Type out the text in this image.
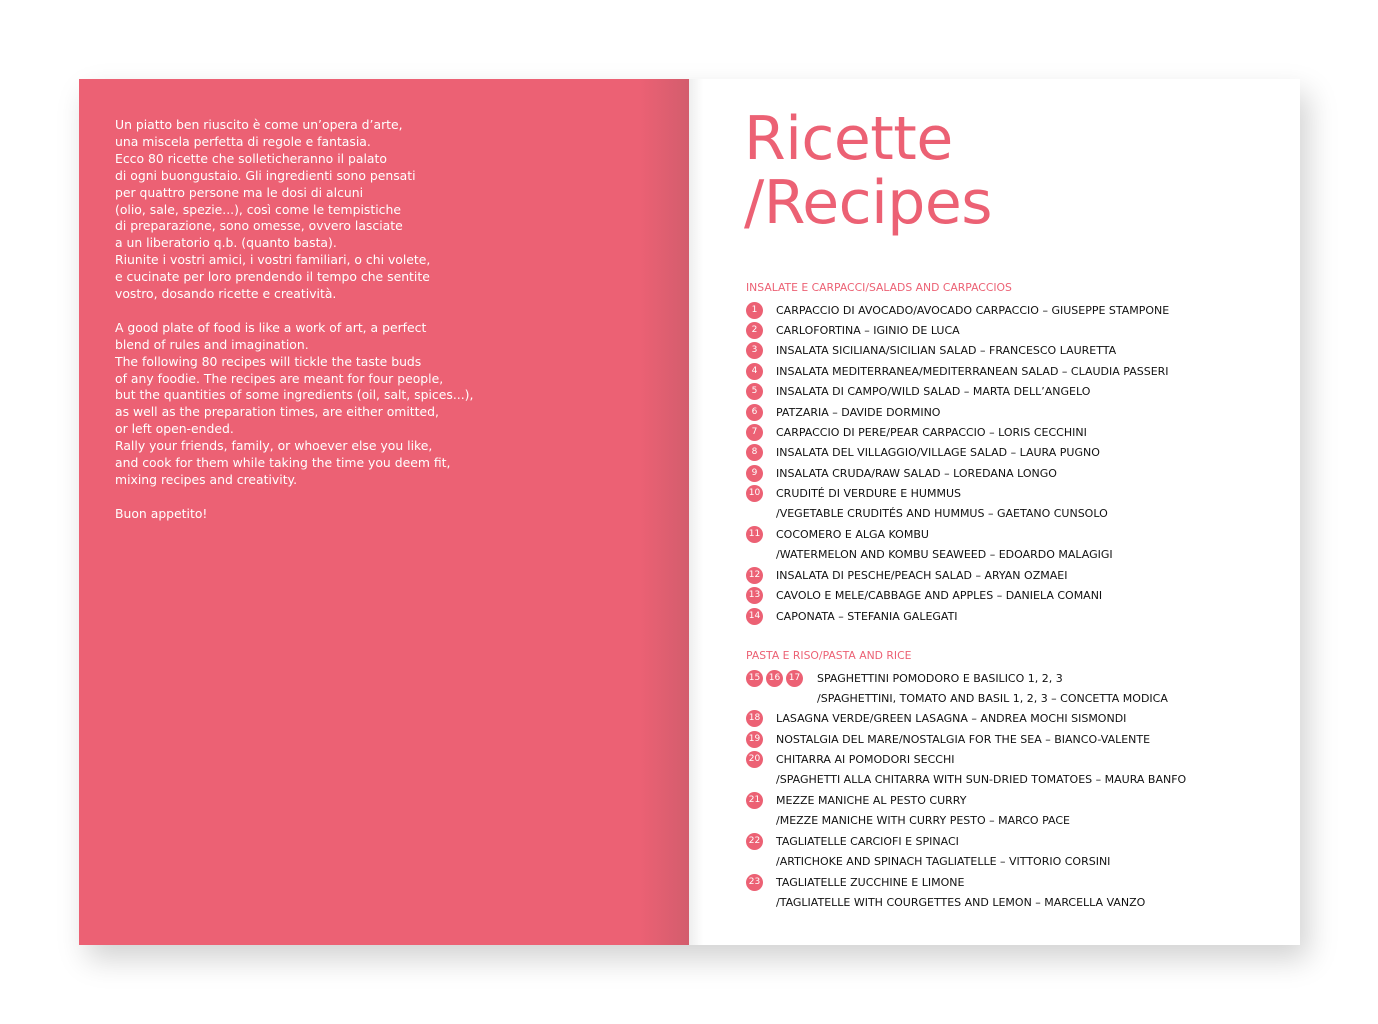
Un piatto ben riuscito è come un’opera d’arte,
una miscela perfetta di regole e fantasia.
Ecco 80 ricette che solleticheranno il palato
di ogni buongustaio. Gli ingredienti sono pensati
per quattro persone ma le dosi di alcuni
(olio, sale, spezie...), così come le tempistiche
di preparazione, sono omesse, ovvero lasciate
a un liberatorio q.b. (quanto basta).
Riunite i vostri amici, i vostri familiari, o chi volete,
e cucinate per loro prendendo il tempo che sentite
vostro, dosando ricette e creatività.

A good plate of food is like a work of art, a perfect
blend of rules and imagination.
The following 80 recipes will tickle the taste buds
of any foodie. The recipes are meant for four people,
but the quantities of some ingredients (oil, salt, spices...),
as well as the preparation times, are either omitted,
or left open-ended.
Rally your friends, family, or whoever else you like,
and cook for them while taking the time you deem fit,
mixing recipes and creativity.

Buon appetito!

Ricette
/Recipes
INSALATE E CARPACCI/SALADS AND CARPACCIOS
1	CARPACCIO DI AVOCADO/AVOCADO CARPACCIO – GIUSEPPE STAMPONE
2	CARLOFORTINA – IGINIO DE LUCA
3	INSALATA SICILIANA/SICILIAN SALAD – FRANCESCO LAURETTA
4	INSALATA MEDITERRANEA/MEDITERRANEAN SALAD – CLAUDIA PASSERI
5	INSALATA DI CAMPO/WILD SALAD – MARTA DELL’ANGELO
6	PATZARIA – DAVIDE DORMINO
7	CARPACCIO DI PERE/PEAR CARPACCIO – LORIS CECCHINI
8	INSALATA DEL VILLAGGIO/VILLAGE SALAD – LAURA PUGNO
9	INSALATA CRUDA/RAW SALAD – LOREDANA LONGO
10	CRUDITÉ DI VERDURE E HUMMUS
/VEGETABLE CRUDITÉS AND HUMMUS – GAETANO CUNSOLO
11	COCOMERO E ALGA KOMBU
/WATERMELON AND KOMBU SEAWEED – EDOARDO MALAGIGI
12	INSALATA DI PESCHE/PEACH SALAD – ARYAN OZMAEI
13	CAVOLO E MELE/CABBAGE AND APPLES – DANIELA COMANI
14	CAPONATA – STEFANIA GALEGATI
PASTA E RISO/PASTA AND RICE
15 16 17	SPAGHETTINI POMODORO E BASILICO 1, 2, 3
/SPAGHETTINI, TOMATO AND BASIL 1, 2, 3 – CONCETTA MODICA
18	LASAGNA VERDE/GREEN LASAGNA – ANDREA MOCHI SISMONDI
19	NOSTALGIA DEL MARE/NOSTALGIA FOR THE SEA – BIANCO-VALENTE
20	CHITARRA AI POMODORI SECCHI
/SPAGHETTI ALLA CHITARRA WITH SUN-DRIED TOMATOES – MAURA BANFO
21	MEZZE MANICHE AL PESTO CURRY
/MEZZE MANICHE WITH CURRY PESTO – MARCO PACE
22	TAGLIATELLE CARCIOFI E SPINACI
/ARTICHOKE AND SPINACH TAGLIATELLE – VITTORIO CORSINI
23	TAGLIATELLE ZUCCHINE E LIMONE
/TAGLIATELLE WITH COURGETTES AND LEMON – MARCELLA VANZO
